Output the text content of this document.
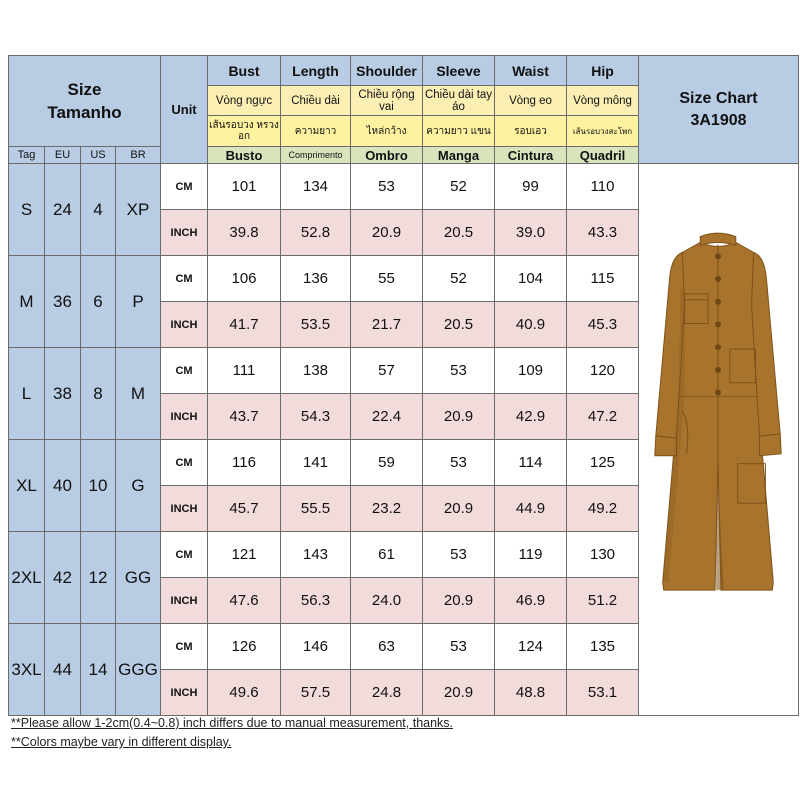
Size
Tamanho				Unit	Bust	Length	Shoulder	Sleeve	Waist	Hip	Size Chart
3A1908

					Vòng ngực	Chiều dài	Chiều rộng vai	Chiều dài tay áo	Vòng eo	Vòng mông	
					เส้นรอบวง หรวงอก	ความยาว	ไหล่กว้าง	ความยาว แขน	รอบเอว	เส้นรอบวงสะโพก	
Tag	EU	US	BR		Busto	Comprimento	Ombro	Manga	Cintura	Quadril	
S	24	4	XP	CM	101	134	53	52	99	110	

				INCH	39.8	52.8	20.9	20.5	39.0	43.3	
M	36	6	P	CM	106	136	55	52	104	115	
				INCH	41.7	53.5	21.7	20.5	40.9	45.3	
L	38	8	M	CM	111	138	57	53	109	120	
				INCH	43.7	54.3	22.4	20.9	42.9	47.2	
XL	40	10	G	CM	116	141	59	53	114	125	
				INCH	45.7	55.5	23.2	20.9	44.9	49.2	
2XL	42	12	GG	CM	121	143	61	53	119	130	
				INCH	47.6	56.3	24.0	20.9	46.9	51.2	
3XL	44	14	GGG	CM	126	146	63	53	124	135	
				INCH	49.6	57.5	24.8	20.9	48.8	53.1	
**Please allow 1-2cm(0.4~0.8) inch differs due to manual measurement, thanks.
**Colors maybe vary in different display.
